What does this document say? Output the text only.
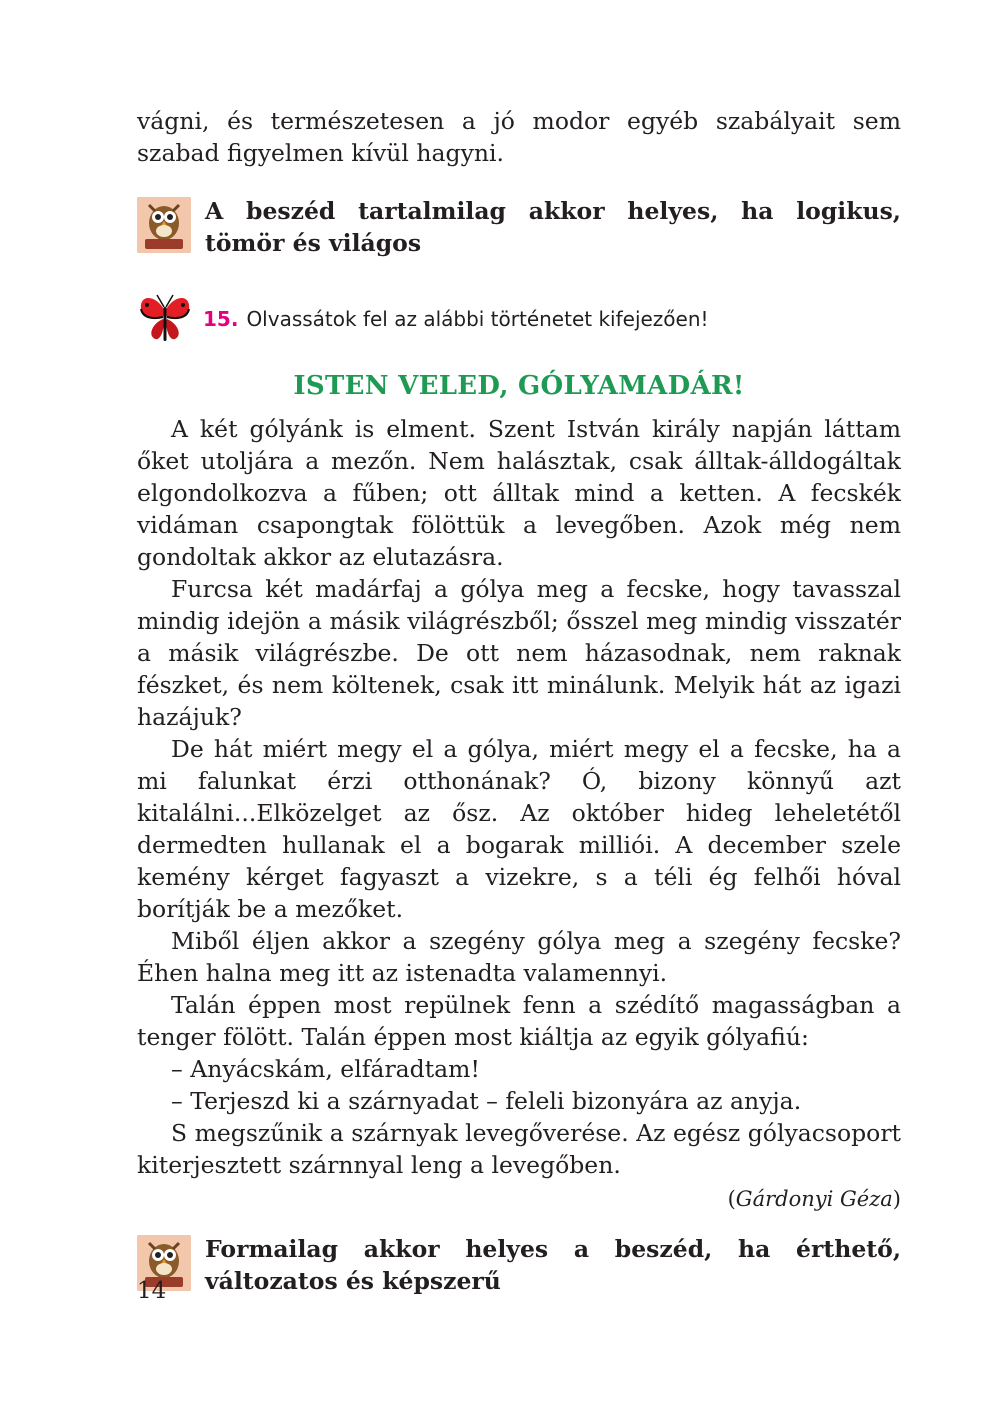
vágni, és természetesen a jó modor egyéb szabályait sem szabad figyelmen kívül hagyni.

A beszéd tartalmilag akkor helyes, ha logikus, tömör és világos

15. Olvassátok fel az alábbi történetet kifejezően!
ISTEN VELED, GÓLYAMADÁR!

A két gólyánk is elment. Szent István király napján láttam őket utoljára a mezőn. Nem halásztak, csak álltak-álldogáltak elgondolkozva a fűben; ott álltak mind a ketten. A fecskék vidáman csapongtak fölöttük a levegőben. Azok még nem gondoltak akkor az elutazásra.

Furcsa két madárfaj a gólya meg a fecske, hogy tavasszal mindig idejön a másik világrészből; ősszel meg mindig visszatér a másik világrészbe. De ott nem házasodnak, nem raknak fészket, és nem költenek, csak itt minálunk. Melyik hát az igazi hazájuk?

De hát miért megy el a gólya, miért megy el a fecske, ha a mi falunkat érzi otthonának? Ó, bizony könnyű azt kitalálni...Elközelget az ősz. Az október hideg leheletétől dermedten hullanak el a bogarak milliói. A december szele kemény kérget fagyaszt a vizekre, s a téli ég felhői hóval borítják be a mezőket.

Miből éljen akkor a szegény gólya meg a szegény fecske? Éhen halna meg itt az istenadta valamennyi.

Talán éppen most repülnek fenn a szédítő magasságban a tenger fölött. Talán éppen most kiáltja az egyik gólyafiú:

– Anyácskám, elfáradtam!

– Terjeszd ki a szárnyadat – feleli bizonyára az anyja.

S megszűnik a szárnyak levegőverése. Az egész gólyacsoport kiterjesztett szárnnyal leng a levegőben.

(Gárdonyi Géza)

Formailag akkor helyes a beszéd, ha érthető, változatos és képszerű

14
